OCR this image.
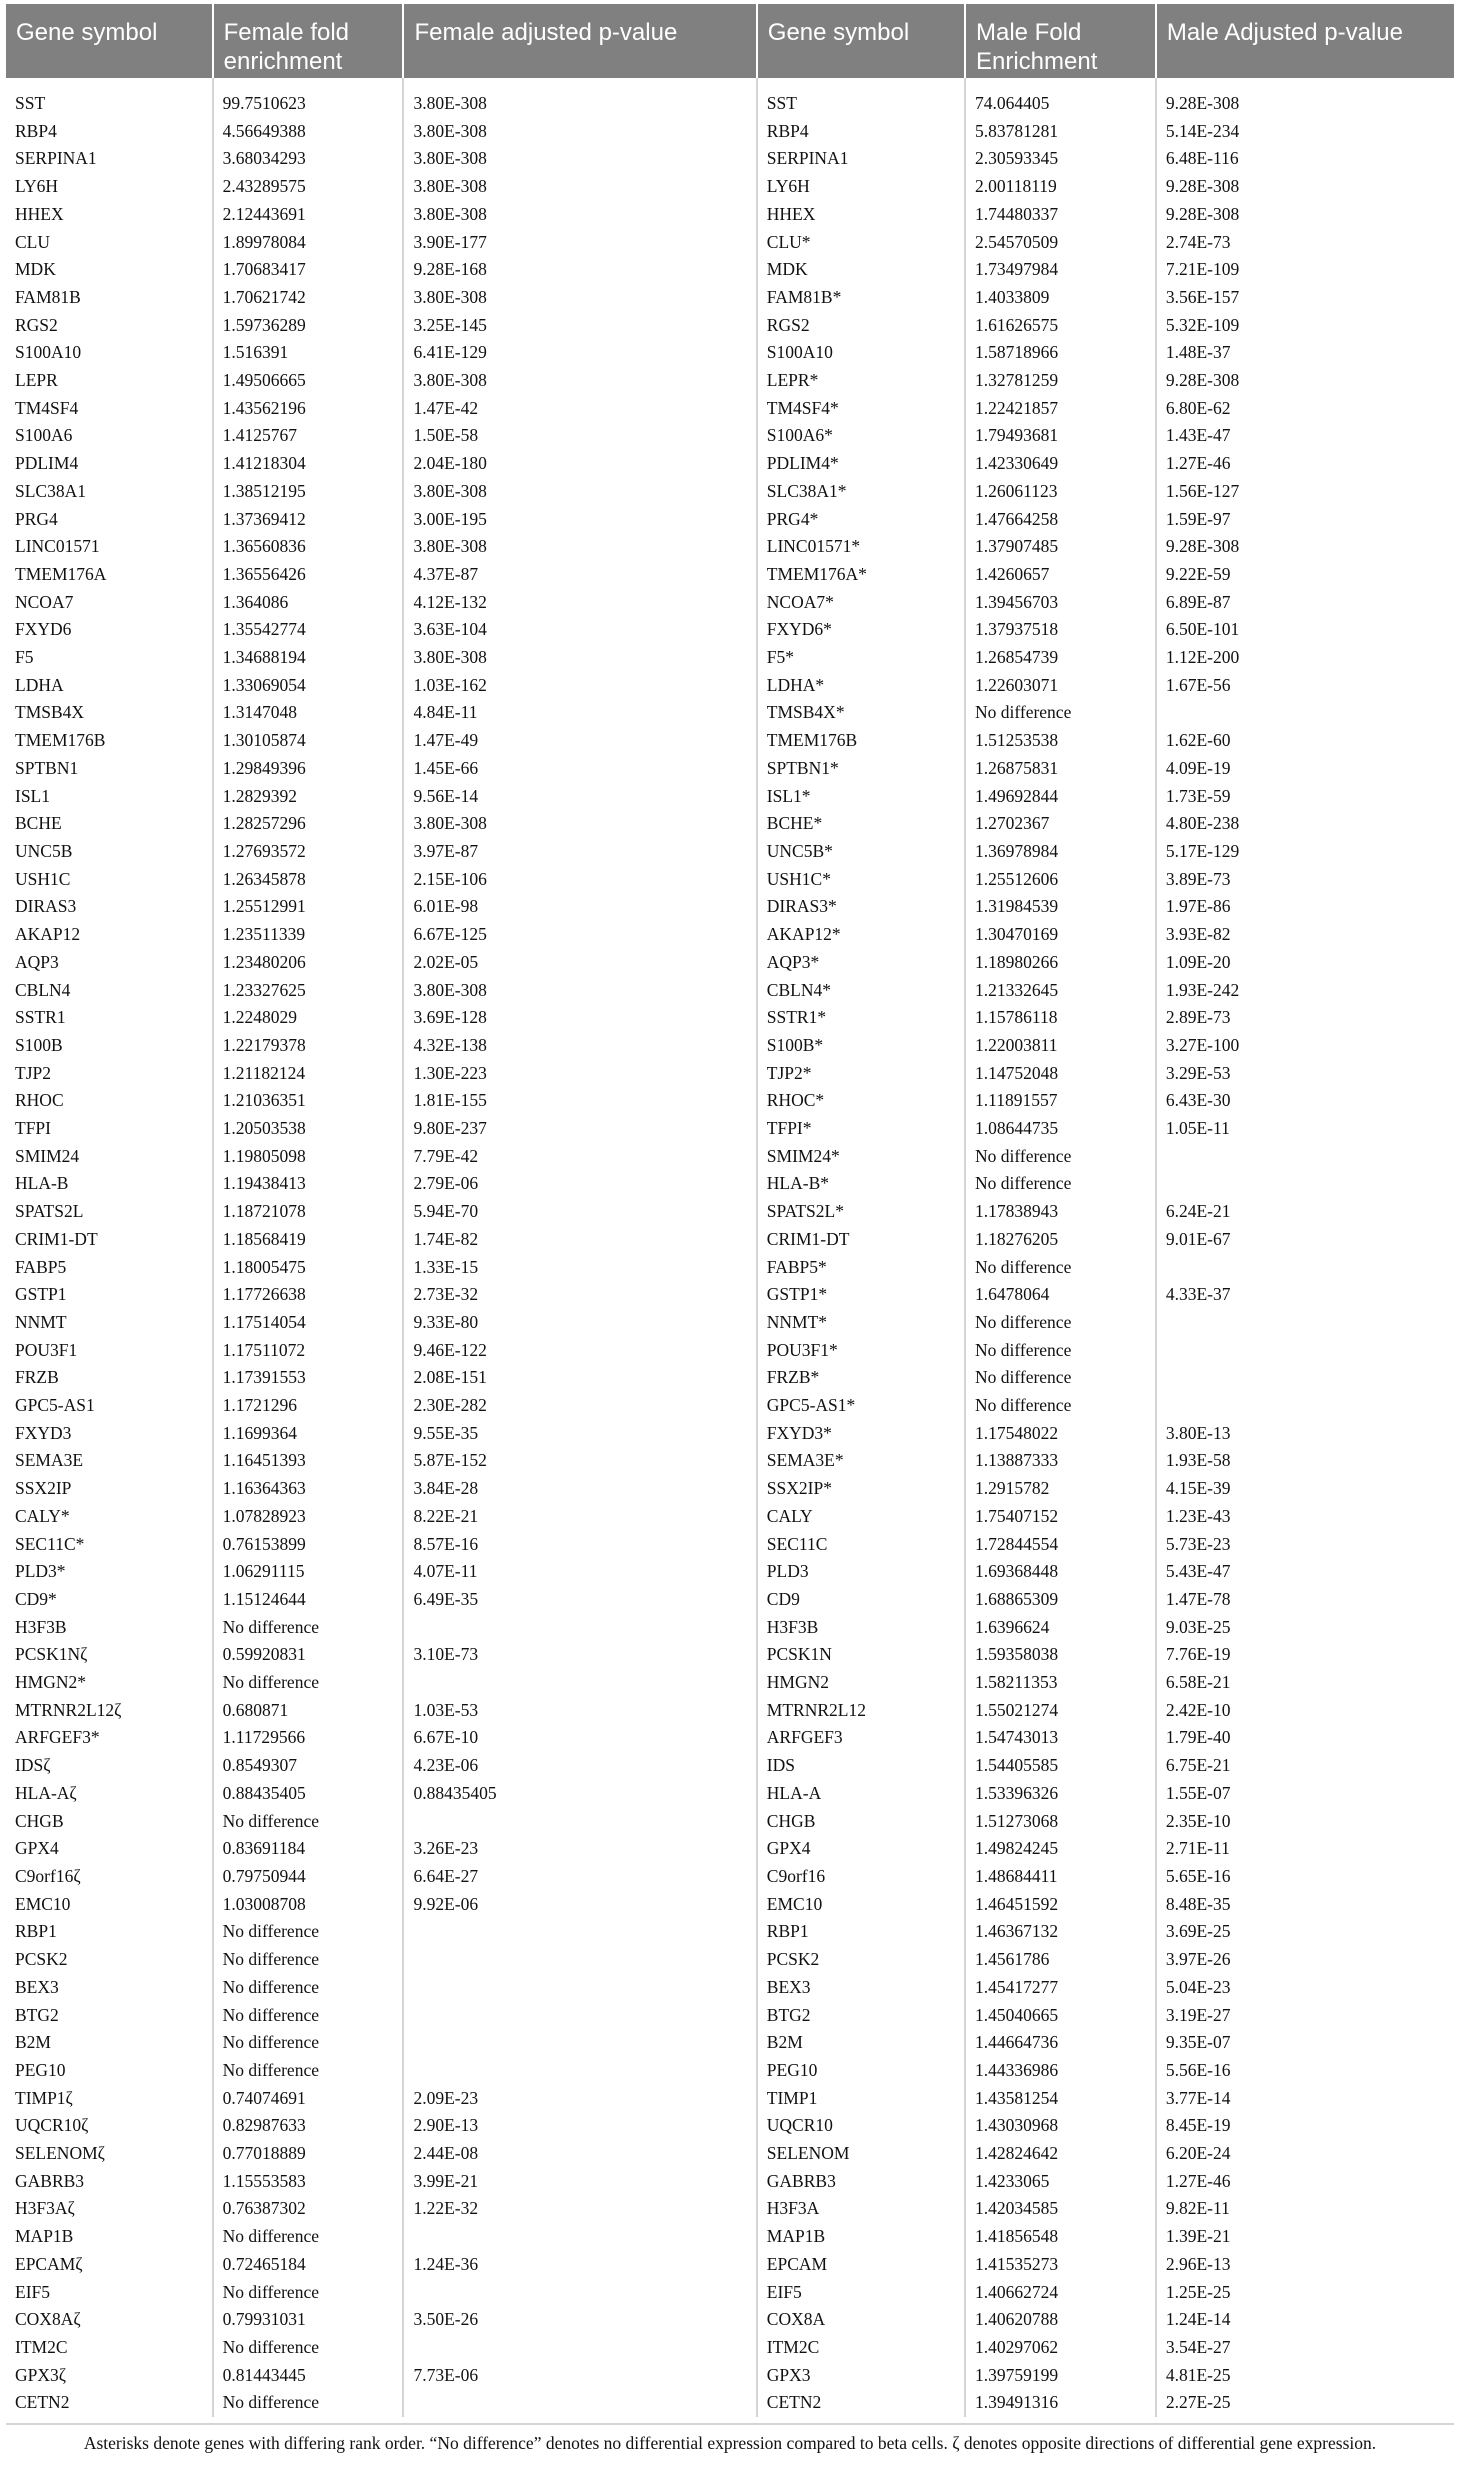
Gene symbol	Female fold enrichment	Female adjusted p-value	Gene symbol	Male Fold Enrichment	Male Adjusted p-value
SST	99.7510623	3.80E-308	SST	74.064405	9.28E-308
RBP4	4.56649388	3.80E-308	RBP4	5.83781281	5.14E-234
SERPINA1	3.68034293	3.80E-308	SERPINA1	2.30593345	6.48E-116
LY6H	2.43289575	3.80E-308	LY6H	2.00118119	9.28E-308
HHEX	2.12443691	3.80E-308	HHEX	1.74480337	9.28E-308
CLU	1.89978084	3.90E-177	CLU*	2.54570509	2.74E-73
MDK	1.70683417	9.28E-168	MDK	1.73497984	7.21E-109
FAM81B	1.70621742	3.80E-308	FAM81B*	1.4033809	3.56E-157
RGS2	1.59736289	3.25E-145	RGS2	1.61626575	5.32E-109
S100A10	1.516391	6.41E-129	S100A10	1.58718966	1.48E-37
LEPR	1.49506665	3.80E-308	LEPR*	1.32781259	9.28E-308
TM4SF4	1.43562196	1.47E-42	TM4SF4*	1.22421857	6.80E-62
S100A6	1.4125767	1.50E-58	S100A6*	1.79493681	1.43E-47
PDLIM4	1.41218304	2.04E-180	PDLIM4*	1.42330649	1.27E-46
SLC38A1	1.38512195	3.80E-308	SLC38A1*	1.26061123	1.56E-127
PRG4	1.37369412	3.00E-195	PRG4*	1.47664258	1.59E-97
LINC01571	1.36560836	3.80E-308	LINC01571*	1.37907485	9.28E-308
TMEM176A	1.36556426	4.37E-87	TMEM176A*	1.4260657	9.22E-59
NCOA7	1.364086	4.12E-132	NCOA7*	1.39456703	6.89E-87
FXYD6	1.35542774	3.63E-104	FXYD6*	1.37937518	6.50E-101
F5	1.34688194	3.80E-308	F5*	1.26854739	1.12E-200
LDHA	1.33069054	1.03E-162	LDHA*	1.22603071	1.67E-56
TMSB4X	1.3147048	4.84E-11	TMSB4X*	No difference	
TMEM176B	1.30105874	1.47E-49	TMEM176B	1.51253538	1.62E-60
SPTBN1	1.29849396	1.45E-66	SPTBN1*	1.26875831	4.09E-19
ISL1	1.2829392	9.56E-14	ISL1*	1.49692844	1.73E-59
BCHE	1.28257296	3.80E-308	BCHE*	1.2702367	4.80E-238
UNC5B	1.27693572	3.97E-87	UNC5B*	1.36978984	5.17E-129
USH1C	1.26345878	2.15E-106	USH1C*	1.25512606	3.89E-73
DIRAS3	1.25512991	6.01E-98	DIRAS3*	1.31984539	1.97E-86
AKAP12	1.23511339	6.67E-125	AKAP12*	1.30470169	3.93E-82
AQP3	1.23480206	2.02E-05	AQP3*	1.18980266	1.09E-20
CBLN4	1.23327625	3.80E-308	CBLN4*	1.21332645	1.93E-242
SSTR1	1.2248029	3.69E-128	SSTR1*	1.15786118	2.89E-73
S100B	1.22179378	4.32E-138	S100B*	1.22003811	3.27E-100
TJP2	1.21182124	1.30E-223	TJP2*	1.14752048	3.29E-53
RHOC	1.21036351	1.81E-155	RHOC*	1.11891557	6.43E-30
TFPI	1.20503538	9.80E-237	TFPI*	1.08644735	1.05E-11
SMIM24	1.19805098	7.79E-42	SMIM24*	No difference	
HLA-B	1.19438413	2.79E-06	HLA-B*	No difference	
SPATS2L	1.18721078	5.94E-70	SPATS2L*	1.17838943	6.24E-21
CRIM1-DT	1.18568419	1.74E-82	CRIM1-DT	1.18276205	9.01E-67
FABP5	1.18005475	1.33E-15	FABP5*	No difference	
GSTP1	1.17726638	2.73E-32	GSTP1*	1.6478064	4.33E-37
NNMT	1.17514054	9.33E-80	NNMT*	No difference	
POU3F1	1.17511072	9.46E-122	POU3F1*	No difference	
FRZB	1.17391553	2.08E-151	FRZB*	No difference	
GPC5-AS1	1.1721296	2.30E-282	GPC5-AS1*	No difference	
FXYD3	1.1699364	9.55E-35	FXYD3*	1.17548022	3.80E-13
SEMA3E	1.16451393	5.87E-152	SEMA3E*	1.13887333	1.93E-58
SSX2IP	1.16364363	3.84E-28	SSX2IP*	1.2915782	4.15E-39
CALY*	1.07828923	8.22E-21	CALY	1.75407152	1.23E-43
SEC11C*	0.76153899	8.57E-16	SEC11C	1.72844554	5.73E-23
PLD3*	1.06291115	4.07E-11	PLD3	1.69368448	5.43E-47
CD9*	1.15124644	6.49E-35	CD9	1.68865309	1.47E-78
H3F3B	No difference		H3F3B	1.6396624	9.03E-25
PCSK1Nζ	0.59920831	3.10E-73	PCSK1N	1.59358038	7.76E-19
HMGN2*	No difference		HMGN2	1.58211353	6.58E-21
MTRNR2L12ζ	0.680871	1.03E-53	MTRNR2L12	1.55021274	2.42E-10
ARFGEF3*	1.11729566	6.67E-10	ARFGEF3	1.54743013	1.79E-40
IDSζ	0.8549307	4.23E-06	IDS	1.54405585	6.75E-21
HLA-Aζ	0.88435405	0.88435405	HLA-A	1.53396326	1.55E-07
CHGB	No difference		CHGB	1.51273068	2.35E-10
GPX4	0.83691184	3.26E-23	GPX4	1.49824245	2.71E-11
C9orf16ζ	0.79750944	6.64E-27	C9orf16	1.48684411	5.65E-16
EMC10	1.03008708	9.92E-06	EMC10	1.46451592	8.48E-35
RBP1	No difference		RBP1	1.46367132	3.69E-25
PCSK2	No difference		PCSK2	1.4561786	3.97E-26
BEX3	No difference		BEX3	1.45417277	5.04E-23
BTG2	No difference		BTG2	1.45040665	3.19E-27
B2M	No difference		B2M	1.44664736	9.35E-07
PEG10	No difference		PEG10	1.44336986	5.56E-16
TIMP1ζ	0.74074691	2.09E-23	TIMP1	1.43581254	3.77E-14
UQCR10ζ	0.82987633	2.90E-13	UQCR10	1.43030968	8.45E-19
SELENOMζ	0.77018889	2.44E-08	SELENOM	1.42824642	6.20E-24
GABRB3	1.15553583	3.99E-21	GABRB3	1.4233065	1.27E-46
H3F3Aζ	0.76387302	1.22E-32	H3F3A	1.42034585	9.82E-11
MAP1B	No difference		MAP1B	1.41856548	1.39E-21
EPCAMζ	0.72465184	1.24E-36	EPCAM	1.41535273	2.96E-13
EIF5	No difference		EIF5	1.40662724	1.25E-25
COX8Aζ	0.79931031	3.50E-26	COX8A	1.40620788	1.24E-14
ITM2C	No difference		ITM2C	1.40297062	3.54E-27
GPX3ζ	0.81443445	7.73E-06	GPX3	1.39759199	4.81E-25
CETN2	No difference		CETN2	1.39491316	2.27E-25
Asterisks denote genes with differing rank order. “No difference” denotes no differential expression compared to beta cells. ζ denotes opposite directions of differential gene expression.
